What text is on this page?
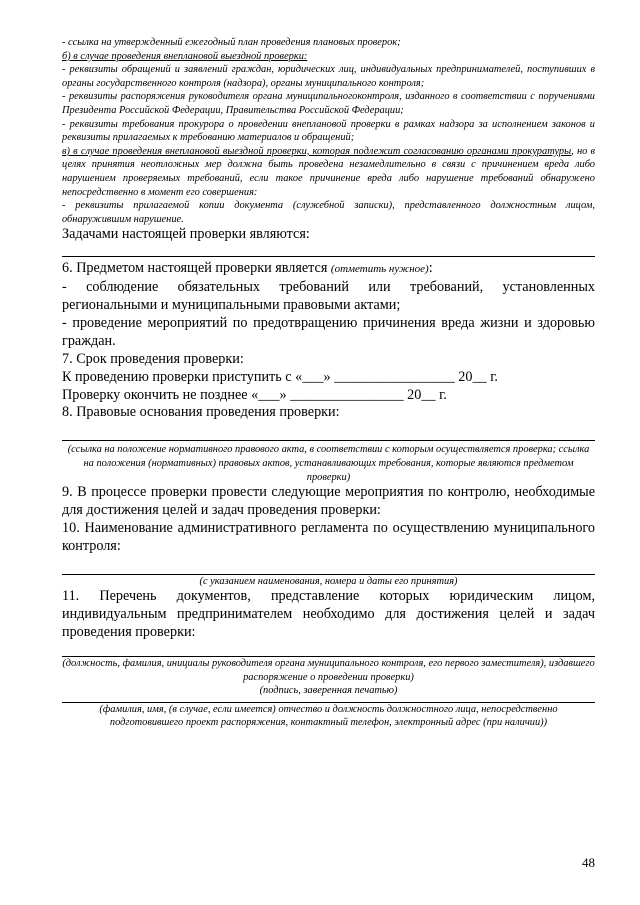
- ссылка на утвержденный ежегодный план проведения плановых проверок;

б) в случае проведения внеплановой выездной проверки:

- реквизиты обращений и заявлений граждан, юридических лиц, индивидуальных предпринимателей, поступивших в органы государственного контроля (надзора), органы муниципального контроля;

- реквизиты распоряжения руководителя органа муниципальногоконтроля, изданного в соответствии с поручениями Президента Российской Федерации, Правительства Российской Федерации;

- реквизиты требования прокурора о проведении внеплановой проверки в рамках надзора за исполнением законов и реквизиты прилагаемых к требованию материалов и обращений;

в) в случае проведения внеплановой выездной проверки, которая подлежит согласованию органами прокуратуры, но в целях принятия неотложных мер должна быть проведена незамедлительно в связи с причинением вреда либо нарушением проверяемых требований, если такое причинение вреда либо нарушение требований обнаружено непосредственно в момент его совершения:

- реквизиты прилагаемой копии документа (служебной записки), представленного должностным лицом, обнаружившим нарушение.

Задачами настоящей проверки являются:

6. Предметом настоящей проверки является (отметить нужное):

- соблюдение обязательных требований или требований, установленных региональными и муниципальными правовыми актами;

- проведение мероприятий по предотвращению причинения вреда жизни и здоровью граждан.

7. Срок проведения проверки:

К проведению проверки приступить с «___» _________________ 20__ г.

Проверку окончить не позднее «___» ________________ 20__ г.

8. Правовые основания проведения проверки:

(ссылка на положение нормативного правового акта, в соответствии с которым осуществляется проверка; ссылка на положения (нормативных) правовых актов, устанавливающих требования, которые являются предметом проверки)

9. В процессе проверки провести следующие мероприятия по контролю, необходимые для достижения целей и задач проведения проверки:

10. Наименование административного регламента по осуществлению муниципального контроля:

(с указанием наименования, номера и даты его принятия)

11. Перечень документов, представление которых юридическим лицом, индивидуальным предпринимателем необходимо для достижения целей и задач проведения проверки:

(должность, фамилия, инициалы руководителя органа муниципального контроля, его первого заместителя), издавшего распоряжение о проведении проверки)
(подпись, заверенная печатью)
(фамилия, имя, (в случае, если имеется) отчество и должность должностного лица, непосредственно подготовившего проект распоряжения, контактный телефон, электронный адрес (при наличии))
48
